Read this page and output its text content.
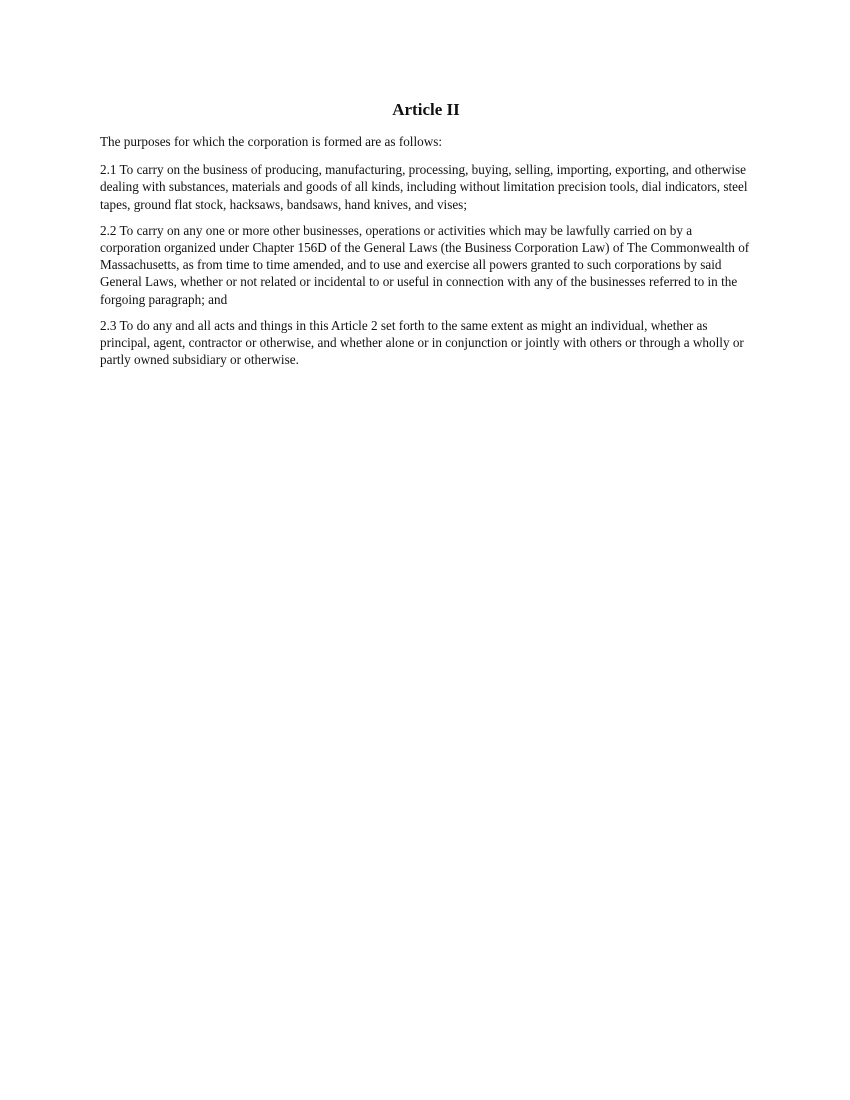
Article II

The purposes for which the corporation is formed are as follows:

2.1 To carry on the business of producing, manufacturing, processing, buying, selling, importing, exporting, and otherwise dealing with substances, materials and goods of all kinds, including without limitation precision tools, dial indicators, steel tapes, ground flat stock, hacksaws, bandsaws, hand knives, and vises;

2.2 To carry on any one or more other businesses, operations or activities which may be lawfully carried on by a corporation organized under Chapter 156D of the General Laws (the Business Corporation Law) of The Commonwealth of Massachusetts, as from time to time amended, and to use and exercise all powers granted to such corporations by said General Laws, whether or not related or incidental to or useful in connection with any of the businesses referred to in the forgoing paragraph; and

2.3 To do any and all acts and things in this Article 2 set forth to the same extent as might an individual, whether as principal, agent, contractor or otherwise, and whether alone or in conjunction or jointly with others or through a wholly or partly owned subsidiary or otherwise.
